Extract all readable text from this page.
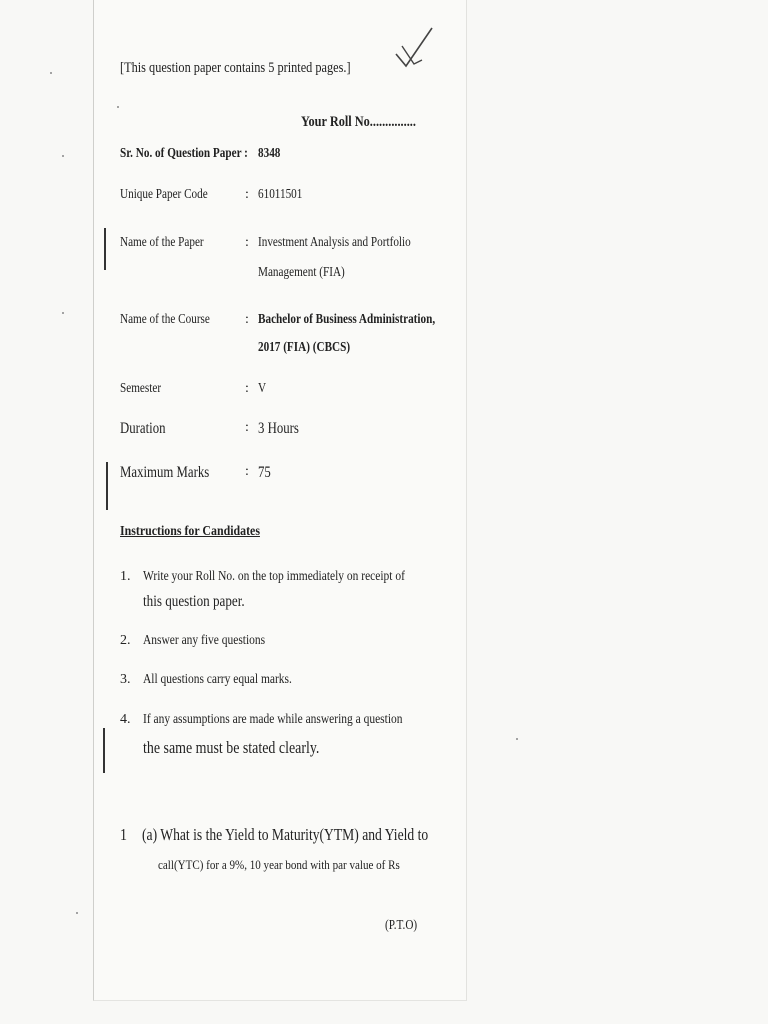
[This question paper contains 5 printed pages.]
Your Roll No...............
Sr. No. of Question Paper : 8348
Unique Paper Code	: 61011501
Name of the Paper	: Investment Analysis and Portfolio
Management (FIA)
Name of the Course	: Bachelor of Business Administration,
2017 (FIA) (CBCS)
Semester	: V
Duration	: 3 Hours
Maximum Marks	: 75
Instructions for Candidates
1. Write your Roll No. on the top immediately on receipt of
this question paper.
2. Answer any five questions
3. All questions carry equal marks.
4. If any assumptions are made while answering a question
the same must be stated clearly.
1 (a) What is the Yield to Maturity(YTM) and Yield to
call(YTC) for a 9%, 10 year bond with par value of Rs
(P.T.O)
